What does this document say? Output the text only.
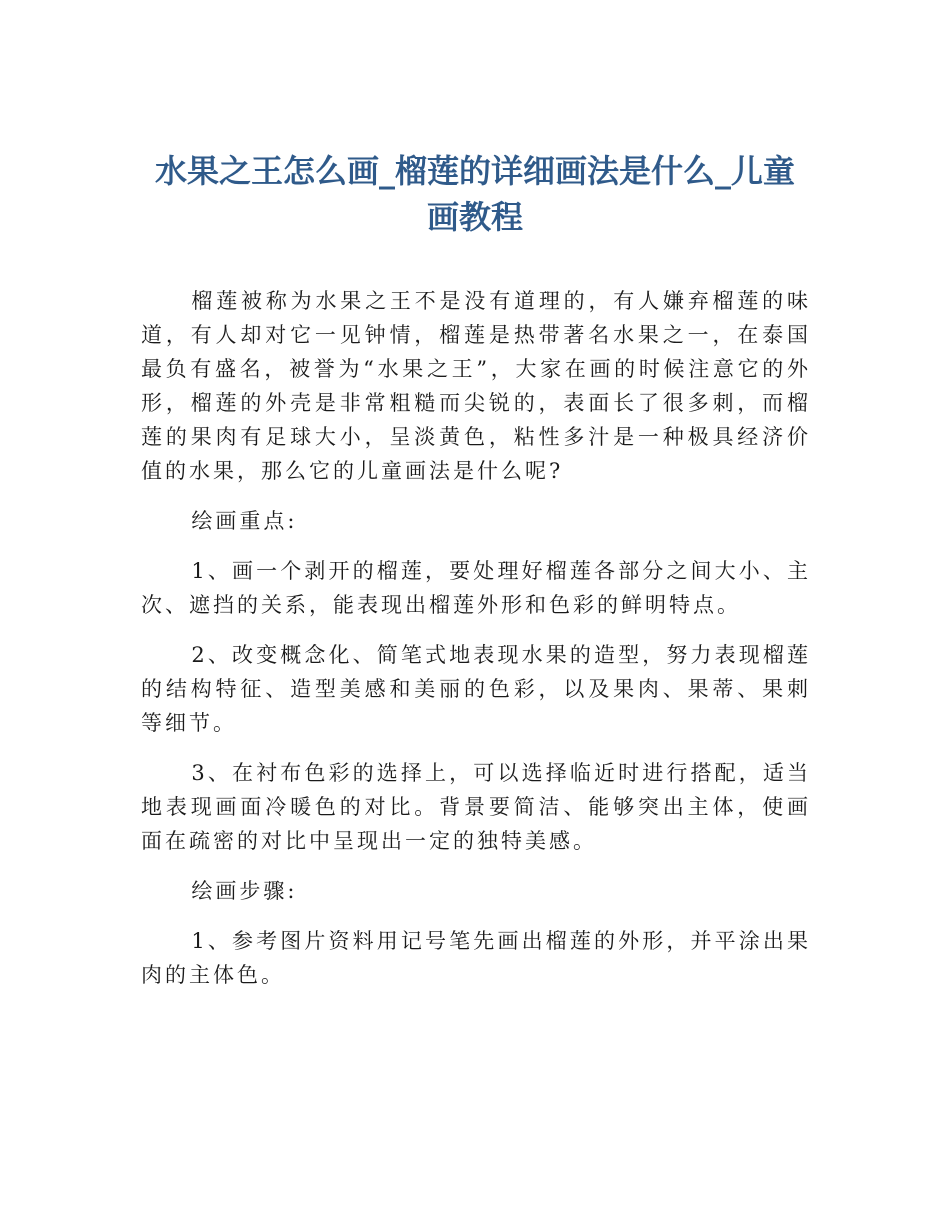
水果之王怎么画_榴莲的详细画法是什么_儿童画教程

榴莲被称为水果之王不是没有道理的，有人嫌弃榴莲的味道，有人却对它一见钟情，榴莲是热带著名水果之一，在泰国最负有盛名，被誉为“水果之王”，大家在画的时候注意它的外形，榴莲的外壳是非常粗糙而尖锐的，表面长了很多刺，而榴莲的果肉有足球大小，呈淡黄色，粘性多汁是一种极具经济价值的水果，那么它的儿童画法是什么呢?

绘画重点:

1、画一个剥开的榴莲，要处理好榴莲各部分之间大小、主次、遮挡的关系，能表现出榴莲外形和色彩的鲜明特点。

2、改变概念化、简笔式地表现水果的造型，努力表现榴莲的结构特征、造型美感和美丽的色彩，以及果肉、果蒂、果刺等细节。

3、在衬布色彩的选择上，可以选择临近时进行搭配，适当地表现画面冷暖色的对比。背景要简洁、能够突出主体，使画面在疏密的对比中呈现出一定的独特美感。

绘画步骤:

1、参考图片资料用记号笔先画出榴莲的外形，并平涂出果肉的主体色。
